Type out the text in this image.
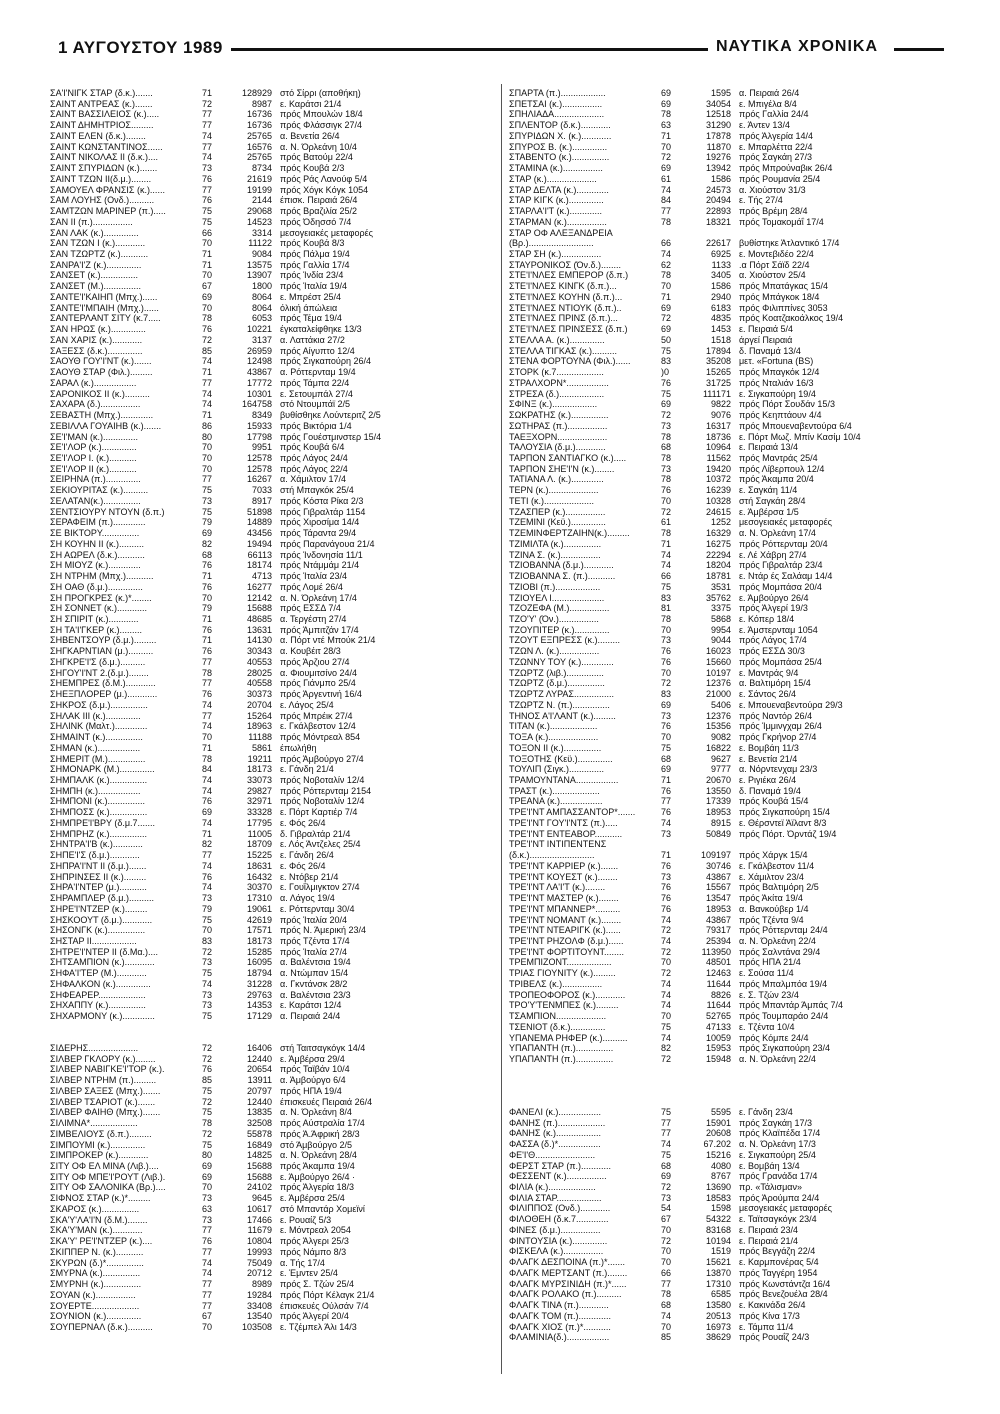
1 ΑΥΓΟΥΣΤΟΥ 1989	ΝΑΥΤΙΚΑ ΧΡΟΝΙΚΑ
ΣΑ'Ι'ΝΙΓΚ ΣΤΑΡ (δ.κ.).......	71	128929 στό Σίρρι (αποθήκη)
ΣΑΙΝΤ ΑΝΤΡΕΑΣ (κ.).......	72	8987 ε. Καράτσι 21/4
ΣΑΙΝΤ ΒΑΣΣΙΛΕΙΟΣ (κ.).....	77	16736 πρός Μπουλών 18/4
ΣΑΙΝΤ ΔΗΜΗΤΡΙΟΣ.........	77	16736 πρός Φλάσσιγκ 27/4
ΣΑΙΝΤ ΕΛΕΝ (δ.κ.)........	74	25765 α. Βενετία 26/4
ΣΑΙΝΤ ΚΩΝΣΤΑΝΤΙΝΟΣ......	77	16576 α. Ν. Όρλεάνη 10/4
ΣΑΙΝΤ ΝΙΚΟΛΑΣ ΙΙ (δ.κ.)....	74	25765 πρός Βατούμ 22/4
ΣΑΙΝΤ ΣΠΥΡΙΔΩΝ (κ.).......	73	8734 πρός Κουβά 2/3
ΣΑΙΝΤ ΤΖΩΝ ΙΙ(δ.μ.)........	76	21619 πρός Ράς Λανούφ 5/4
ΣΑΜΟΥΕΛ ΦΡΑΝΣΙΣ (κ.)......	77	19199 πρός Χόγκ Κόγκ 1054
ΣΑΜ ΛΟΥΗΣ (Ονδ.)..........	76	2144 έπισκ. Πειραιά 26/4
ΣΑΜΤΖΩΝ ΜΑΡΙΝΕΡ (π.).....	75	29068 πρός Βραζιλία 25/2
ΣΑΝ ΙΙ (π.)................	75	14523 πρός Όδησσό 7/4
ΣΑΝ ΛΑΚ (κ.)..............	66	3314 μεσογειακές μεταφορές
ΣΑΝ ΤΖΩΝ Ι (κ.)............	70	11122 πρός Κουβά 8/3
ΣΑΝ ΤΖΩΡΤΖ (κ.)...........	71	9084 πρός Πάλμα 19/4
ΣΑΝΡΑ'Ι'Ζ (κ.)..............	71	13575 πρός Γαλλία 17/4
ΣΑΝΣΕΤ (κ.)...............	70	13907 πρός Ίνδία 23/4
ΣΑΝΣΕΤ (Μ.)...............	67	1800 πρός Ίταλία 19/4
ΣΑΝΤΕ'Ι'ΚΑΙΗΠ (Μπχ.)......	69	8064 ε. Μπρέστ 25/4
ΣΑΝΤΕ'Ι'ΜΠΑΙΗ (Μπχ.)......	70	8064 όλική άπώλεια
ΣΑΝΤΕΡΛΑΝΤ ΣΙΤΥ (κ.7.....	78	6053 πρός Τέμα 19/4
ΣΑΝ ΗΡΩΣ (κ.)..............	76	10221 έγκαταλείφθηκε 13/3
ΣΑΝ ΧΑΡΙΣ (κ.)............	72	3137 α. Λαττάκια 27/2
ΣΑΞΕΣΣ (δ.κ.)..............	85	26959 πρός Αίγυπτο 12/4
ΣΑΟΥΘ ΓΟΥ'Ι'ΝΤ (κ.).......	74	12498 πρός Σιγκαπούρη 26/4
ΣΑΟΥΘ ΣΤΑΡ (Φιλ.).........	71	43867 α. Ρόττερνταμ 19/4
ΣΑΡΑΛ (κ.).................	77	17772 πρός Τάμπα 22/4
ΣΑΡΟΝΙΚΟΣ ΙΙ (κ.)..........	74	10301 ε. Σετουμπάλ 27/4
ΣΑΧΑΡΑ (δ.)................	74	164758 στό Ντουμπάϊ 2/5
ΣΕΒΑΣΤΗ (Μπχ.).............	71	8349 βυθίσθηκε Λούντεριτζ 2/5
ΣΕΒΙΛΛΑ ΓΟΥΑΙΗΒ (κ.).......	86	15933 πρός Βικτόρια 1/4
ΣΕ'Ι'ΜΑΝ (κ.)..............	80	17798 πρός Γουέστμινστερ 15/4
ΣΕ'Ι'ΛΟΡ (κ.)..............	70	9951 πρός Κουβά 6/4
ΣΕ'Ι'ΛΟΡ Ι. (κ.)...........	70	12578 πρός Λάγος 24/4
ΣΕ'Ι'ΛΟΡ ΙΙ (κ.)...........	70	12578 πρός Λάγος 22/4
ΣΕΙΡΗΝΑ (π.)..............	77	16267 α. Χάμιλτον 17/4
ΣΕΚΙΟΥΡΙΤΑΣ (κ.)..........	75	7033 στή Μπαγκόκ 25/4
ΣΕΛΑΤΑΝ(κ.)...............	73	8917 πρός Κόστα Ρίκα 2/3
ΣΕΝΤΣΙΟΥΡΥ ΝΤΟΥΝ (δ.π.)	75	51898 πρός Γιβραλτάρ 1154
ΣΕΡΑΦΕΙΜ (π.).............	79	14889 πρός Χιροσίμα 14/4
ΣΕ ΒΙΚΤΟΡΥ...............	69	43456 πρός Τάραντα 29/4
ΣΗ ΚΟΥΗΝ ΙΙ (κ.)..........	82	19494 πρός Παρανάγουα 21/4
ΣΗ ΑΩΡΕΛ (δ.κ.)...........	68	66113 πρός Ίνδονησία 11/1
ΣΗ ΜΙΟΥΖ (κ.).............	76	18174 πρός Ντάμμάμ 21/4
ΣΗ ΝΤΡΗΜ (Μπχ.)...........	71	4713 πρός Ίταλία 23/4
ΣΗ ΟΑΘ (δ.μ.)..............	76	16277 πρός Λομέ 26/4
ΣΗ ΠΡΟΓΚΡΕΣ (κ.)*........	70	12142 α. Ν. Όρλεάνη 17/4
ΣΗ ΣΟΝΝΕΤ (κ.)............	79	15688 πρός ΕΣΣΔ 7/4
ΣΗ ΣΠΙΡΙΤ (κ.)............	71	48685 α. Τεργέστη 27/4
ΣΗ ΤΑ'Ι'ΓΚΕΡ (κ.).........	76	13631 πρός Άμπιτζάν 17/4
ΣΗΒΕΝΤΣΟΥΡ (δ.μ.).........	71	14130 α. Πόρτ ντέ Μπούκ 21/4
ΣΗΓΚΑΡΝΤΙΑΝ (μ.)..........	76	30343 α. Κουβέιτ 28/3
ΣΗΓΚΡΕ'Ι'Σ (δ.μ.)..........	77	40553 πρός Άρζιου 27/4
ΣΗΓΟΥ'Ι'ΝΤ 2.(δ.μ.)........	78	28025 α. Φιουμιτσίνο 24/4
ΣΗΕΜΠΡΕΣ (δ.Μ.)............	77	40558 πρός Γιάνμπο 25/4
ΣΗΕΞΠΛΟΡΕΡ (μ.)............	76	30373 πρός Άργεντινή 16/4
ΣΗΚΡΟΣ (δ.μ.)...............	74	20704 ε. Λάγος 25/4
ΣΗΛΑΚ ΙΙΙ (κ.)..............	77	15264 πρός Μπρέικ 27/4
ΣΗΛΙΝΚ (Μαλτ.).............	74	18963 ε. Γκάλβεστον 12/4
ΣΗΜΑΙΝΤ (κ.)...............	70	11188 πρός Μόντρεαλ 854
ΣΗΜΑΝ (κ.).................	71	5861 έπωλήθη
ΣΗΜΕΡΙΤ (Μ.)...............	78	19211 πρός Άμβούργο 27/4
ΣΗΜΟΝΑΡΚ (Μ.)..............	84	18173 ε. Γάνδη 21/4
ΣΗΜΠΑΛΚ (κ.)...............	74	33073 πρός Νοβοταλίν 12/4
ΣΗΜΠΗ (κ.).................	74	29827 πρός Ρόττερνταμ 2154
ΣΗΜΠΟΝΙ (κ.)...............	76	32971 πρός Νοβοταλίν 12/4
ΣΗΜΠΟΣΣ (κ.)...............	69	33328 ε. Πόρτ Καρτιέρ 7/4
ΣΗΜΠΡΕ'Ι'ΒΡΥ (δ.μ.7.......	74	17795 ε. Φός 26/4
ΣΗΜΠΡΗΖ (κ.)...............	71	11005 δ. Γιβραλτάρ 21/4
ΣΗΝΤΡΑ'Ι'Β (κ.)............	82	18709 ε. Λός Άντζελες 25/4
ΣΗΠΕ'Ι'Σ (δ.μ.)............	77	15225 ε. Γάνδη 26/4
ΣΗΠΡΑ'Ι'ΝΤ ΙΙ (δ.μ.).......	74	18631 ε. Φός 26/4
ΣΗΠΡΙΝΣΕΣ ΙΙ (κ.).........	76	16432 ε. Ντόβερ 21/4
ΣΗΡΑ'Ι'ΝΤΕΡ (μ.)...........	74	30370 ε. Γουΐλμιγκτον 27/4
ΣΗΡΑΜΠΛΕΡ (δ.μ.)..........	73	17310 α. Λάγος 19/4
ΣΗΡΕ'Ι'ΝΤΖΕΡ (κ.).........	79	19061 ε. Ρόττερνταμ 30/4
ΣΗΣΚΟΟΥΤ (δ.μ.)............	75	42619 πρός Ίταλία 20/4
ΣΗΣΟΝΓΚ (κ.)...............	70	17571 πρός Ν. Άμερική 23/4
ΣΗΣΤΑΡ ΙΙ..................	83	18173 πρός Τζέντα 17/4
ΣΗΤΡΕ'Ι'ΝΤΕΡ ΙΙ (δ.Μα.)....	72	15285 πρός Ίταλία 27/4
ΣΗΤΣΑΜΠΙΟΝ (κ.)............	73	16095 α. Βαλέντσια 19/4
ΣΗΦΑ'Ι'ΤΕΡ (Μ.)............	75	18794 α. Ντώμπαν 15/4
ΣΗΦΑΛΚΟΝ (κ.)..............	74	31228 α. Γκντάνσκ 28/2
ΣΗΦΕΑΡΕΡ...................	73	29763 α. Βαλέντσια 23/3
ΣΗΧΑΠΠΥ (κ.)...............	73	14353 ε. Καράτσι 12/4
ΣΗΧΑΡΜΟΝΥ (κ.).............	75	17129 α. Πειραιά 24/4
ΣΙΔΕΡΗΣ....................	72	16406 στή Ταιτσαγκόγκ 14/4
ΣΙΛΒΕΡ ΓΚΛΟΡΥ (κ.)........	72	12440 ε. Άμβέρσα 29/4
ΣΙΛΒΕΡ ΝΑΒΙΓΚΕ'Ι'ΤΟΡ (κ.).	76	20654 πρός Ταϊβάν 10/4
ΣΙΛΒΕΡ ΝΤΡΗΜ (π.).........	85	13911 α. Άμβούργο 6/4
ΣΙΛΒΕΡ ΣΑΞΕΣ (Μπχ.).......	75	20797 πρός ΗΠΑ 19/4
ΣΙΛΒΕΡ ΤΣΑΡΙΟΤ (κ.).......	72	12440 έπισκευές Πειραιά 26/4
ΣΙΛΒΕΡ ΦΑΙΗΘ (Μπχ.).......	75	13835 α. Ν. Όρλεάνη 8/4
ΣΙΛΙΜΝΑ*...................	78	32508 πρός Αύστραλία 17/4
ΣΙΜΒΕΛΙΟΥΣ (δ.π.).........	72	55878 πρός Ά.Άφρική 28/3
ΣΙΜΠΟΥΜΙ (κ.)..............	75	16849 στό Άμβούργο 2/5
ΣΙΜΠΡΟΚΕΡ (κ.)............	80	14825 α. Ν. Όρλεάνη 28/4
ΣΙΤΥ ΟΦ ΕΛ ΜΙΝΑ (Λιβ.)....	69	15688 πρός Άκαμπα 19/4
ΣΙΤΥ ΟΦ ΜΠΕ'Ι'ΡΟΥΤ (Λιβ.).	69	15688 ε. Άμβούργο 26/4 ·
ΣΙΤΥ ΟΦ ΣΑΛΟΝΙΚΑ (Βρ.)....	70	24102 πρός Άλγερία 18/3
ΣΙΦΝΟΣ ΣΤΑΡ (κ.)*.........	73	9645 ε. Άμβέρσα 25/4
ΣΚΑΡΟΣ (κ.)...............	63	10617 στό Μπαντάρ Χομεϊνί
ΣΚΑ'Υ'ΛΑ'Ι'Ν (δ.Μ.)........	73	17466 ε. Ρουαίζ 5/3
ΣΚΑ'Υ'ΜΑΝ (κ.)............	77	11679 ε. Μόντρεαλ 2054
ΣΚΑ'Υ' ΡΕ'Ι'ΝΤΖΕΡ (κ.)....	76	10804 πρός Άλγερι 25/3
ΣΚΙΠΠΕΡ Ν. (κ.)...........	77	19993 πρός Νάμπο 8/3
ΣΚΥΡΩΝ (δ.)*...............	74	75049 α. Τής 17/4
ΣΜΥΡΝΑ (κ.)...............	74	20712 ε. Έμντεν 25/4
ΣΜΥΡΝΗ (κ.)...............	77	8989 πρός Σ. Τζών 25/4
ΣΟΥΑΝ (κ.)................	77	19284 πρός Πόρτ Κέλαγκ 21/4
ΣΟΥΕΡΤΕ...................	77	33408 έπισκευές Ούλσάν 7/4
ΣΟΥΝΙΟΝ (κ.)..............	67	13540 πρός Άλγερί 20/4
ΣΟΥΠΕΡΝΑΛ (δ.κ.)..........	70	103508 ε. Τζέμπελ Άλι 14/3
ΣΠΑΡΤΑ (π.)..................	69	1595 α. Πειραιά 26/4
ΣΠΕΤΣΑΙ (κ.)................	69	34054 ε. Μπιγέλα 8/4
ΣΠΗΛΙΑΔΑ....................	78	12518 πρός Γαλλία 24/4
ΣΠΛΕΝΤΟΡ (δ.κ.)............	63	31290 ε. Άντεν 13/4
ΣΠΥΡΙΔΩΝ Χ. (κ.)............	71	17878 πρός Άλγερία 14/4
ΣΠΥΡΟΣ Β. (κ.)..............	70	11870 ε. Μπαρλέττα 22/4
ΣΤΑΒΕΝΤΟ (κ.)...............	72	19276 πρός Σαγκάη 27/3
ΣΤΑΜΙΝΑ (κ.)................	69	13942 πρός Μπρούναβικ 26/4
ΣΤΑΡ (κ.)....................	61	1586 πρός Ρουμανία 25/4
ΣΤΑΡ ΔΕΛΤΑ (κ.).............	74	24573 α. Χιούστον 31/3
ΣΤΑΡ ΚΙΓΚ (κ.)..............	84	20494 ε. Τής 27/4
ΣΤΑΡΛΑ'Ι'Τ (κ.).............	77	22893 πρός Βρέμη 28/4
ΣΤΑΡΜΑΝ (κ.)................	78	18321 πρός Τομακομάΐ 17/4
ΣΤΑΡ ΟΦ ΑΛΕΞΑΝΔΡΕΙΑ
(Βρ.)..........................	66	22617 βυθίστηκε Άτλαντικό 17/4
ΣΤΑΡ ΣΗ (κ.)................	74	6925 ε. Μοντεβιδέο 22/4
ΣΤΑΥΡΟΝΙΚΟΣ (Όν.δ.)........	62	1133 .α Πόρτ Σάϊδ 22/4
ΣΤΕ'Ι'ΝΛΕΣ ΕΜΠΕΡΟΡ (δ.π.)	78	3405 α. Χιούστον 25/4
ΣΤΕ'Ι'ΝΛΕΣ ΚΙΝΓΚ (δ.π.)...	70	1586 πρός Μπατάγκας 15/4
ΣΤΕ'Ι'ΝΛΕΣ ΚΟΥΗΝ (δ.π.)...	71	2940 πρός Μπάγκοκ 18/4
ΣΤΕ'Ι'ΝΛΕΣ ΝΤΙΟΥΚ (δ.π.)..	69	6183 πρός Φιλιππίνες 3053
ΣΤΕ'Ι'ΝΛΕΣ ΠΡΙΝΣ (δ.π.)...	72	4835 πρός Κοατζακοάλκος 19/4
ΣΤΕ'Ι'ΝΛΕΣ ΠΡΙΝΣΕΣΣ (δ.π.)	69	1453 ε. Πειραιά 5/4
ΣΤΕΛΛΑ Α. (κ.)..............	50	1518 άργεί Πειραιά
ΣΤΕΛΛΑ ΤΙΓΚΑΣ (κ.)..........	75	17894 δ. Παναμά 13/4
ΣΤΕΝΑ ΦΟΡΤΟΥΝΑ (Φιλ.)......	83	35208 μετ. «Fortuna (BS)
ΣΤΟΡΚ (κ.7...................	)0	15265 πρός Μπαγκόκ 12/4
ΣΤΡΑΛΧΟΡΝ*.................	76	31725 πρός Νταλιάν 16/3
ΣΤΡΕΣΑ (δ.)..................	75	111171 ε. Σιγκαπούρη 19/4
ΣΦΙΝΞ (κ.)..................	69	9822 πρός Πόρτ Σουδάν 15/3
ΣΩΚΡΑΤΗΣ (κ.)...............	72	9076 πρός Κεηπτάουν 4/4
ΣΩΤΗΡΑΣ (π.)................	73	16317 πρός Μπουεναβεντούρα 6/4
ΤΑΕΞΧΟΡΝ....................	78	18736 ε. Πόρτ Μωζ. Μπίν Κασίμ 10/4
ΤΑΛΟΥΣΙΑ (δ.μ.)............	68	10964 ε. Πειραιά 13/4
ΤΑΡΠΟΝ ΣΑΝΤΙΑΓΚΟ (κ.).....	78	11562 πρός Μαντράς 25/4
ΤΑΡΠΟΝ ΣΗΕ'Ι'Ν (κ.)........	73	19420 πρός Λίβερπουλ 12/4
ΤΑΤΙΑΝΑ Λ. (κ.).............	78	10372 πρός Άκαμπα 20/4
ΤΕΡΝ (κ.)....................	76	16239 ε. Σαγκάη 11/4
ΤΕΤΙ (κ.)....................	70	10328 στή Σαγκάη 28/4
ΤΖΑΣΠΕΡ (κ.)................	72	24615 ε. Άμβέρσα 1/5
ΤΖΕΜΙΝΙ (Κεϋ.)..............	61	1252 μεσογειακές μεταφορές
ΤΖΕΜΙΝΦΕΡΤΖΑΙΗΝ(κ.).........	78	16329 α. Ν. Όρλεάνη 17/4
ΤΖΙΜΙΛΤΑ (κ.)...............	71	16275 πρός Ρόττερνταμ 20/4
ΤΖΙΝΑ Σ. (κ.)................	74	22294 ε. Λέ Χάβρη 27/4
ΤΖΙΟΒΑΝΝΑ (δ.μ.)............	74	18204 πρός Γιβραλτάρ 23/4
ΤΖΙΟΒΑΝΝΑ Σ. (π.)...........	66	18781 ε. Ντάρ ές Σαλάαμ 14/4
ΤΖΙΟΒΙ (π.)..................	75	3531 πρός Μομπάσα 20/4
ΤΖΙΟΥΕΛ Ι.....................	83	35762 ε. Άμβούργο 26/4
ΤΖΟΖΕΦΑ (Μ.)................	81	3375 πρός Άλγερί 19/3
ΤΖΟ'Υ' (Όν.)................	78	5868 ε. Κόπερ 18/4
ΤΖΟΥΠΙΤΕΡ (κ.)..............	70	9954 ε. Άμστερνταμ 1054
ΤΖΟΥΤ ΕΞΠΡΕΣΣ (κ.).........	73	9044 πρός Λάγος 17/4
ΤΖΩΝ Λ. (κ.)................	76	16023 πρός ΕΣΣΔ 30/3
ΤΖΩΝΝΥ ΤΟΥ (κ.).............	76	15660 πρός Μομπάσα 25/4
ΤΖΩΡΤΖ (λιβ.)...............	70	10197 ε. Μαντράς 9/4
ΤΖΩΡΤΖ (δ.μ.)...............	72	12376 α. Βαλτιμόρη 15/4
ΤΖΩΡΤΖ ΛΥΡΑΣ................	83	21000 ε. Σάντος 26/4
ΤΖΩΡΤΖ Ν. (π.)...............	69	5406 ε. Μπουεναβεντούρα 29/3
ΤΗΝΟΣ Α'Ι'ΛΑΝΤ (κ.).........	73	12376 πρός Ναντόρ 26/4
ΤΙΤΑΝ (κ.)...................	76	15356 πρός Ίμμινγχαμ 26/4
ΤΟΞΑ (κ.)....................	70	9082 πρός Γκρήνορ 27/4
ΤΟΞΟΝ ΙΙ (κ.)...............	75	16822 ε. Βομβάη 11/3
ΤΟΞΟΤΗΣ (Κεϋ.)..............	68	9627 ε. Βενετία 21/4
ΤΟΥΛΙΠ (Σιγκ.)..............	69	9777 α. Νόρντενχαμ 23/3
ΤΡΑΜΟΥΝΤΑΝΑ.................	71	20670 ε. Ριγιέκα 26/4
ΤΡΑΣΤ (κ.)...................	76	13550 δ. Παναμά 19/4
ΤΡΕΑΝΑ (κ.).................	77	17339 πρός Κουβά 15/4
ΤΡΕ'Ι'ΝΤ ΑΜΠΑΣΣΑΝΤΟΡ*.......	76	18953 πρός Σιγκαπούρη 15/4
ΤΡΕ'Ι'ΝΤ ΓΟΥ'Ι'ΝΤΣ (π.).....	74	8915 ε. Θέρσντεϊ Άϊλαντ 8/3
ΤΡΕ'Ι'ΝΤ ΕΝΤΕΑΒΟΡ...........	73	50849 πρός Πόρτ. Όρντάζ 19/4
ΤΡΕ'Ι'ΝΤ ΙΝΤΙΠΕΝΤΕΝΣ
(δ.κ.)..........................	71	109197 πρός Χάργκ 15/4
ΤΡΕ'Ι'ΝΤ ΚΑΡΡΙΕΡ (κ.).......	76	30746 ε. Γκάλβεστον 11/4
ΤΡΕ'Ι'ΝΤ ΚΟΥΕΣΤ (κ.)........	73	43867 ε. Χάμιλτον 23/4
ΤΡΕ'Ι'ΝΤ ΛΑ'Ι'Τ (κ.)........	76	15567 πρός Βαλτιμόρη 2/5
ΤΡΕ'Ι'ΝΤ ΜΑΣΤΕΡ (κ.)........	76	13547 πρός Άκίτα 19/4
ΤΡΕ'Ι'ΝΤ ΜΠΑΝΝΕΡ*..........	76	18953 α. Βανκούβερ 1/4
ΤΡΕ'Ι'ΝΤ ΝΟΜΑΝΤ (κ.)........	74	43867 πρός Τζέντα 9/4
ΤΡΕ'Ι'ΝΤ ΝΤΕΑΡΙΓΚ (κ.)......	72	79317 πρός Ρόττερνταμ 24/4
ΤΡΕ'Ι'ΝΤ ΡΗΖΟΛΦ (δ.μ.)......	74	25394 α. Ν. Όρλεάνη 22/4
ΤΡΕ'Ι'ΝΤ ΦΟΡΤΙΤΟΥΝΤ........	72	113950 πρός Σαλντάνα 29/4
ΤΡΕΜΠΙΖΟΝΤ..................	70	48501 πρός ΗΠΑ 21/4
ΤΡΙΑΣ ΓΙΟΥΝΙΤΥ (κ.).........	72	12463 ε. Σούσα 11/4
ΤΡΙΒΕΛΣ (κ.)................	74	11644 πρός Μπαλμπόα 19/4
ΤΡΟΠΕΟΦΟΡΟΣ (κ.)............	74	8826 ε. Σ. Τζών 23/4
ΤΡΟ'Υ'ΤΕΝΜΠΕΣ (κ.).........	74	11644 πρός Μπαντάρ Άμπάς 7/4
ΤΣΑΜΠΙΟΝ....................	70	52765 πρός Τουμπαράο 24/4
ΤΣΕΝΙΟΤ (δ.κ.)..............	75	47133 ε. Τζέντα 10/4
ΥΠΑΝΕΜΑ ΡΗΦΕΡ (κ.)..........	74	10059 πρός Κόμπε 24/4
ΥΠΑΠΑΝΤΗ (π.)...............	82	15953 πρός Σιγκαπούρη 23/4
ΥΠΑΠΑΝΤΗ (π.)...............	72	15948 α. Ν. Όρλεάνη 22/4
ΦΑΝΕΛΙ (κ.).................	75	5595 ε. Γάνδη 23/4
ΦΑΝΗΣ (π.)...................	77	15901 πρός Σαγκάη 17/3
ΦΑΝΗΣ (κ.)..................	77	20608 πρός Κλαϊπέδα 17/4
ΦΑΣΣΑ (δ.)*.................	74	67.202 α. Ν. Όρλεάνη 17/3
ΦΕ'Ι'Θ........................	75	15216 ε. Σιγκαπούρη 25/4
ΦΕΡΣΤ ΣΤΑΡ (π.)............	68	4080 ε. Βομβάη 13/4
ΦΕΣΣΕΝΤ (κ.)................	69	8767 πρός Γρανάδα 17/4
ΦΙΛΙΑ (κ.)...................	72	13690 πρ. «Τάλισμαν»
ΦΙΛΙΑ ΣΤΑΡ..................	73	18583 πρός Άρούμπα 24/4
ΦΙΛΙΠΠΟΣ (Ονδ.)............	54	1598 μεσογειακές μεταφορές
ΦΙΛΟΘΕΗ (δ.κ.7.............	67	54322 ε. Ταϊτσαγκόγκ 23/4
ΦΙΝΕΣ (δ.μ.)................	70	83168 ε. Πειραιά 23/4
ΦΙΝΤΟΥΣΙΑ (κ.)..............	72	10194 ε. Πειραιά 21/4
ΦΙΣΚΕΛΑ (κ.)................	70	1519 πρός Βεγγάζη 22/4
ΦΛΑΓΚ ΔΕΣΠΟΙΝΑ (π.)*.......	70	15621 ε. Καρμπονέρας 5/4
ΦΛΑΓΚ ΜΕΡΤΣΑΝΤ (π.)........	66	13870 πρός Ταγγέρη 1954
ΦΛΑΓΚ ΜΥΡΣΙΝΙΔΗ (π.)*......	77	17310 πρός Κωνστάντζα 16/4
ΦΛΑΓΚ ΡΟΛΑΚΟ (π.)..........	78	6585 πρός Βενεζουέλα 28/4
ΦΛΑΓΚ ΤΙΝΑ (π.)............	68	13580 ε. Κακινάδα 26/4
ΦΛΑΓΚ ΤΟΜ (π.).............	74	20513 πρός Κίνα 17/3
ΦΛΑΓΚ ΧΙΟΣ (π.)*...........	70	16973 ε. Τάμπα 11/4
ΦΛΑΜΙΝΙΑ(δ.).................	85	38629 πρός Ρουαΐζ 24/3
